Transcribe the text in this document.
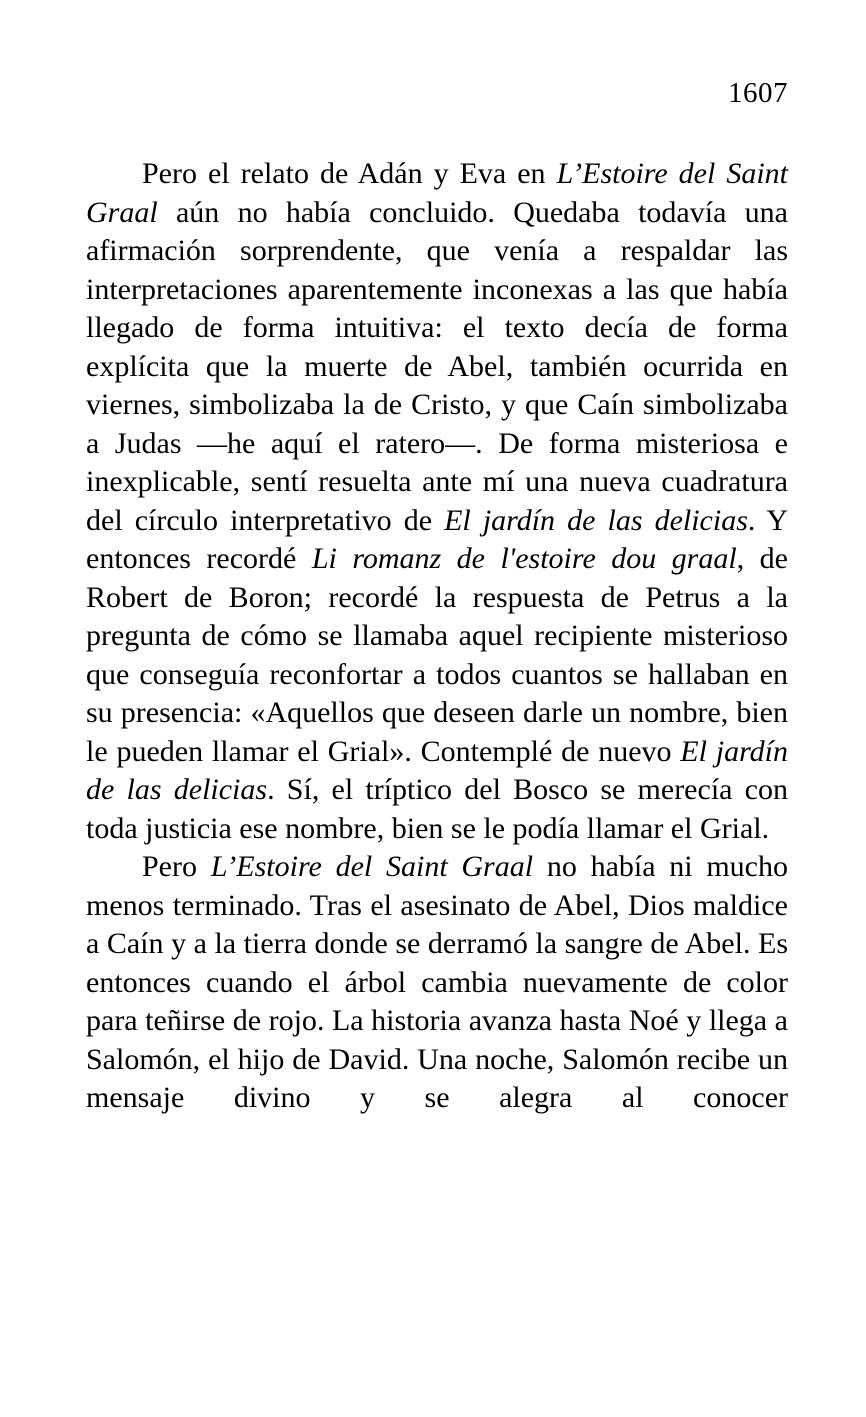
1607

Pero el relato de Adán y Eva en L’Estoire del Saint Graal aún no había concluido. Quedaba todavía una afirmación sorprendente, que venía a respaldar las interpretaciones aparentemente inconexas a las que había llegado de forma intuitiva: el texto decía de forma explícita que la muerte de Abel, también ocurrida en viernes, simbolizaba la de Cristo, y que Caín simbolizaba a Judas —he aquí el ratero—. De forma misteriosa e inexplicable, sentí resuelta ante mí una nueva cuadratura del círculo interpretativo de El jardín de las delicias. Y entonces recordé Li romanz de l'estoire dou graal, de Robert de Boron; recordé la respuesta de Petrus a la pregunta de cómo se llamaba aquel recipiente misterioso que conseguía reconfortar a todos cuantos se hallaban en su presencia: «Aquellos que deseen darle un nombre, bien le pueden llamar el Grial». Contemplé de nuevo El jardín de las delicias. Sí, el tríptico del Bosco se merecía con toda justicia ese nombre, bien se le podía llamar el Grial.

Pero L’Estoire del Saint Graal no había ni mucho menos terminado. Tras el asesinato de Abel, Dios maldice a Caín y a la tierra donde se derramó la sangre de Abel. Es entonces cuando el árbol cambia nuevamente de color para teñirse de rojo. La historia avanza hasta Noé y llega a Salomón, el hijo de David. Una noche, Salomón recibe un mensaje divino y se alegra al conocer
